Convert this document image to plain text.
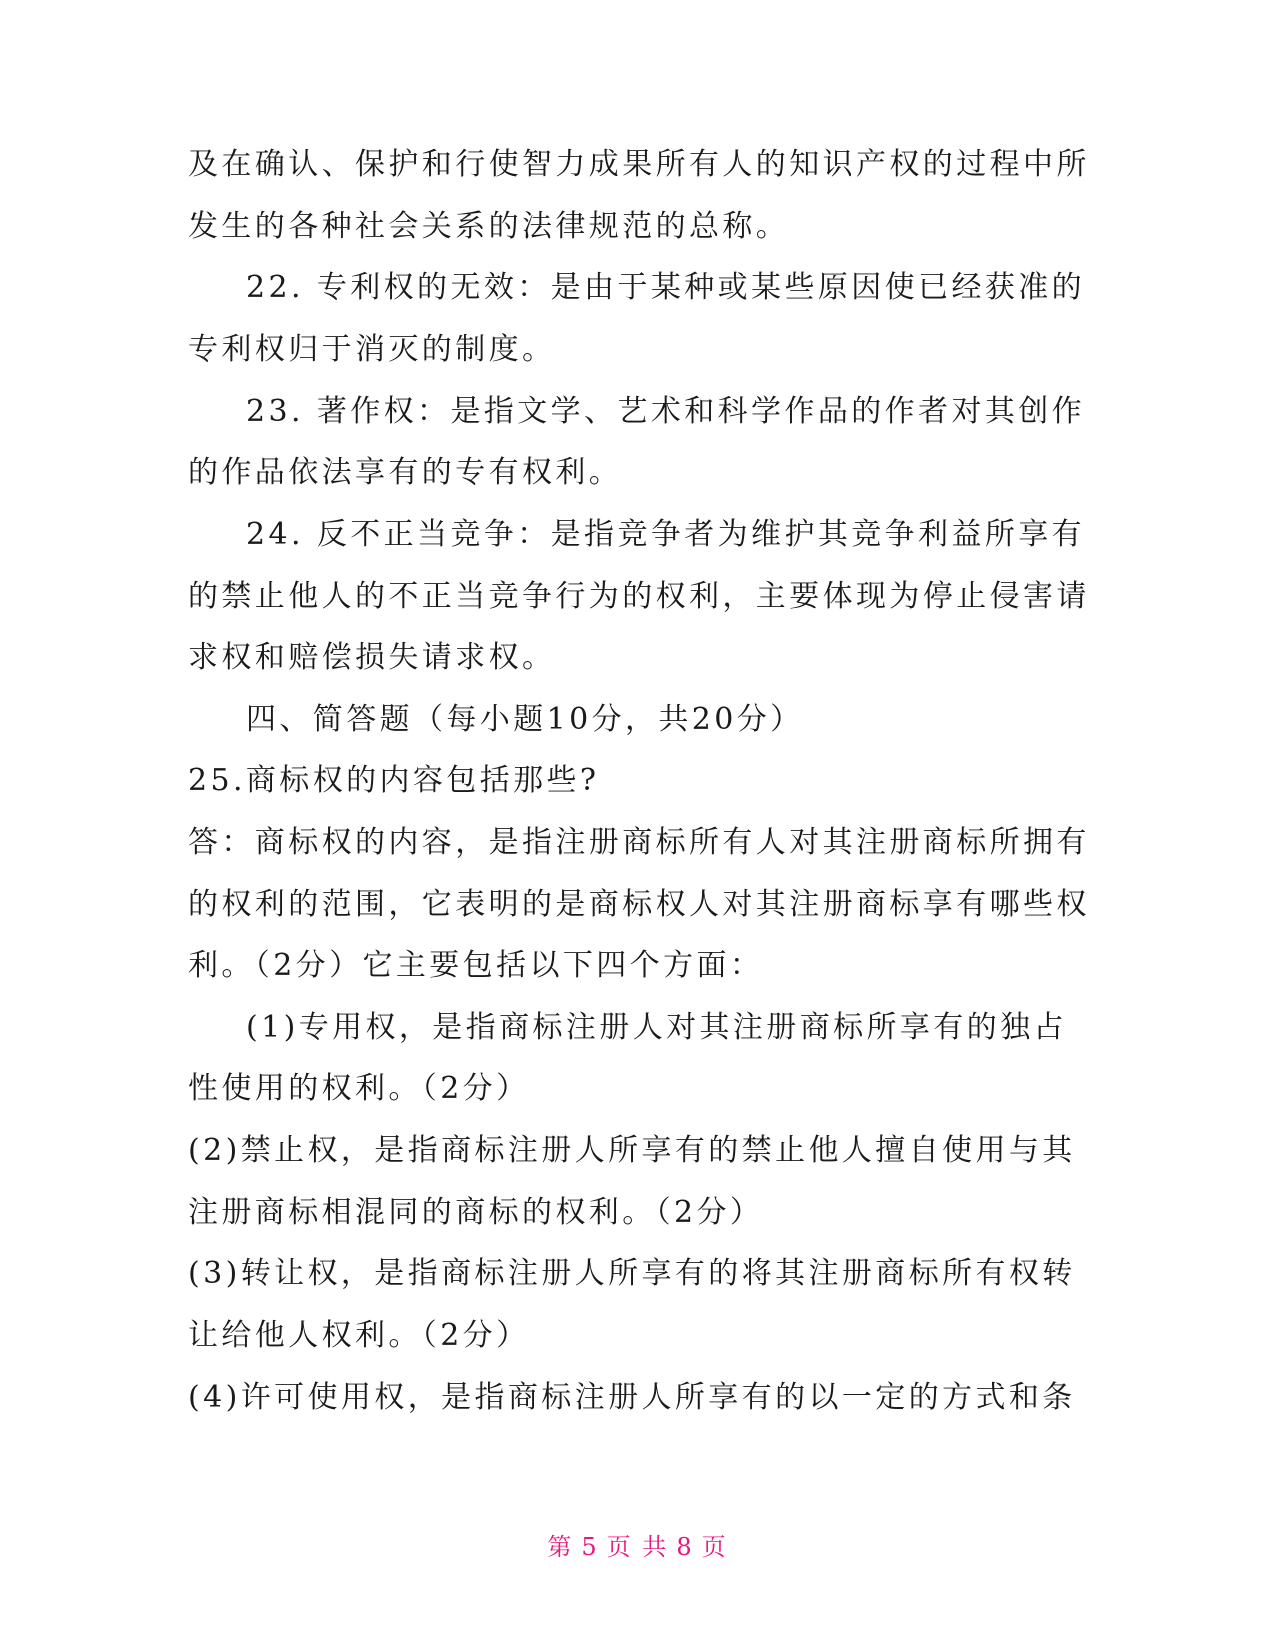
及在确认、保护和行使智力成果所有人的知识产权的过程中所
发生的各种社会关系的法律规范的总称。
22. 专利权的无效：是由于某种或某些原因使已经获准的
专利权归于消灭的制度。
23. 著作权：是指文学、艺术和科学作品的作者对其创作
的作品依法享有的专有权利。
24. 反不正当竞争：是指竞争者为维护其竞争利益所享有
的禁止他人的不正当竞争行为的权利，主要体现为停止侵害请
求权和赔偿损失请求权。
四、简答题（每小题10分，共20分）
25.商标权的内容包括那些?
答：商标权的内容，是指注册商标所有人对其注册商标所拥有
的权利的范围，它表明的是商标权人对其注册商标享有哪些权
利。（2分）它主要包括以下四个方面：
(1)专用权，是指商标注册人对其注册商标所享有的独占
性使用的权利。（2分）
(2)禁止权，是指商标注册人所享有的禁止他人擅自使用与其
注册商标相混同的商标的权利。（2分）
(3)转让权，是指商标注册人所享有的将其注册商标所有权转
让给他人权利。（2分）
(4)许可使用权，是指商标注册人所享有的以一定的方式和条
第 5 页 共 8 页
